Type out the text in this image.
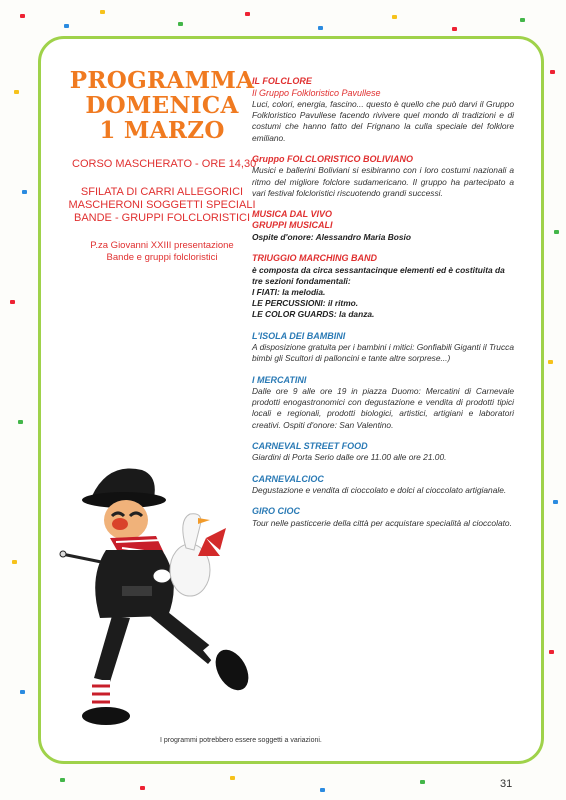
PROGRAMMA
DOMENICA
1 MARZO
CORSO MASCHERATO - ORE 14,30
SFILATA DI CARRI ALLEGORICI
MASCHERONI SOGGETTI SPECIALI
BANDE - GRUPPI FOLCLORISTICI
P.za Giovanni XXIII presentazione
Bande e gruppi folcloristici
IL FOLCLORE
Il Gruppo Folkloristico Pavullese
Luci, colori, energia, fascino... questo è quello che può darvi il Gruppo Folkloristico Pavullese facendo rivivere quel mondo di tradizioni e di costumi che hanno fatto del Frignano la culla speciale del folklore emiliano.
Gruppo FOLCLORISTICO BOLIVIANO
Musici e ballerini Boliviani si esibiranno con i loro costumi nazionali a ritmo del migliore folclore sudamericano. Il gruppo ha partecipato a vari festival folcloristici riscuotendo grandi successi.
MUSICA DAL VIVO
GRUPPI MUSICALI
Ospite d'onore: Alessandro Maria Bosio
TRIUGGIO MARCHING BAND
è composta da circa sessantacinque elementi ed è costituita da tre sezioni fondamentali:
I FIATI: la melodia.
LE PERCUSSIONI: il ritmo.
LE COLOR GUARDS: la danza.
L'ISOLA DEI BAMBINI
A disposizione gratuita per i bambini i mitici: Gonfiabili Giganti il Trucca bimbi gli Scultori di palloncini e tante altre sorprese...)
I MERCATINI
Dalle ore 9 alle ore 19 in piazza Duomo: Mercatini di Carnevale prodotti enogastronomici con degustazione e vendita di prodotti tipici locali e regionali, prodotti biologici, artistici, artigiani e laboratori creativi. Ospiti d'onore: San Valentino.
CARNEVAL STREET FOOD
Giardini di Porta Serio dalle ore 11.00 alle ore 21.00.
CARNEVALCIOC
Degustazione e vendita di cioccolato e dolci al cioccolato artigianale.
GIRO CIOC
Tour nelle pasticcerie della città per acquistare specialità al cioccolato.
I programmi potrebbero essere soggetti a variazioni.
31
